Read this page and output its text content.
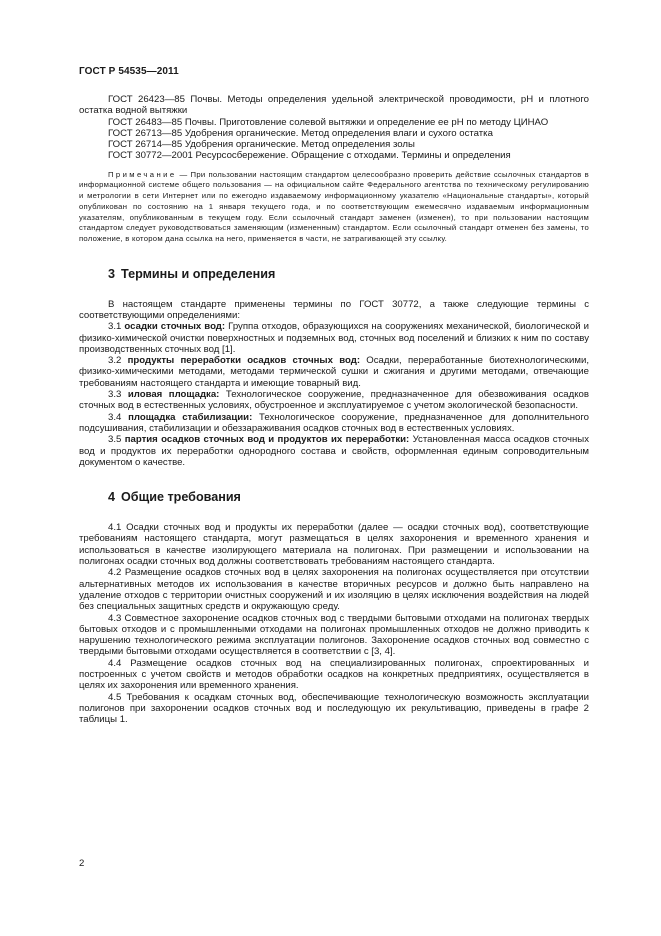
ГОСТ Р 54535—2011

ГОСТ 26423—85 Почвы. Методы определения удельной электрической проводимости, рН и плотного остатка водной вытяжки

ГОСТ 26483—85 Почвы. Приготовление солевой вытяжки и определение ее рН по методу ЦИНАО

ГОСТ 26713—85 Удобрения органические. Метод определения влаги и сухого остатка

ГОСТ 26714—85 Удобрения органические. Метод определения золы

ГОСТ 30772—2001 Ресурсосбережение. Обращение с отходами. Термины и определения

Примечание — При пользовании настоящим стандартом целесообразно проверить действие ссылочных стандартов в информационной системе общего пользования — на официальном сайте Федерального агентства по техническому регулированию и метрологии в сети Интернет или по ежегодно издаваемому информационному указателю «Национальные стандарты», который опубликован по состоянию на 1 января текущего года, и по соответствующим ежемесячно издаваемым информационным указателям, опубликованным в текущем году. Если ссылочный стандарт заменен (изменен), то при пользовании настоящим стандартом следует руководствоваться заменяющим (измененным) стандартом. Если ссылочный стандарт отменен без замены, то положение, в котором дана ссылка на него, применяется в части, не затрагивающей эту ссылку.

3 Термины и определения

В настоящем стандарте применены термины по ГОСТ 30772, а также следующие термины с соответствующими определениями:

3.1 осадки сточных вод: Группа отходов, образующихся на сооружениях механической, биологической и физико-химической очистки поверхностных и подземных вод, сточных вод поселений и близких к ним по составу производственных сточных вод [1].

3.2 продукты переработки осадков сточных вод: Осадки, переработанные биотехнологическими, физико-химическими методами, методами термической сушки и сжигания и другими методами, отвечающие требованиям настоящего стандарта и имеющие товарный вид.

3.3 иловая площадка: Технологическое сооружение, предназначенное для обезвоживания осадков сточных вод в естественных условиях, обустроенное и эксплуатируемое с учетом экологической безопасности.

3.4 площадка стабилизации: Технологическое сооружение, предназначенное для дополнительного подсушивания, стабилизации и обеззараживания осадков сточных вод в естественных условиях.

3.5 партия осадков сточных вод и продуктов их переработки: Установленная масса осадков сточных вод и продуктов их переработки однородного состава и свойств, оформленная единым сопроводительным документом о качестве.

4 Общие требования

4.1 Осадки сточных вод и продукты их переработки (далее — осадки сточных вод), соответствующие требованиям настоящего стандарта, могут размещаться в целях захоронения и временного хранения и использоваться в качестве изолирующего материала на полигонах. При размещении и использовании на полигонах осадки сточных вод должны соответствовать требованиям настоящего стандарта.

4.2 Размещение осадков сточных вод в целях захоронения на полигонах осуществляется при отсутствии альтернативных методов их использования в качестве вторичных ресурсов и должно быть направлено на удаление отходов с территории очистных сооружений и их изоляцию в целях исключения воздействия на людей без специальных защитных средств и окружающую среду.

4.3 Совместное захоронение осадков сточных вод с твердыми бытовыми отходами на полигонах твердых бытовых отходов и с промышленными отходами на полигонах промышленных отходов не должно приводить к нарушению технологического режима эксплуатации полигонов. Захоронение осадков сточных вод совместно с твердыми бытовыми отходами осуществляется в соответствии с [3, 4].

4.4 Размещение осадков сточных вод на специализированных полигонах, спроектированных и построенных с учетом свойств и методов обработки осадков на конкретных предприятиях, осуществляется в целях их захоронения или временного хранения.

4.5 Требования к осадкам сточных вод, обеспечивающие технологическую возможность эксплуатации полигонов при захоронении осадков сточных вод и последующую их рекультивацию, приведены в графе 2 таблицы 1.

2
